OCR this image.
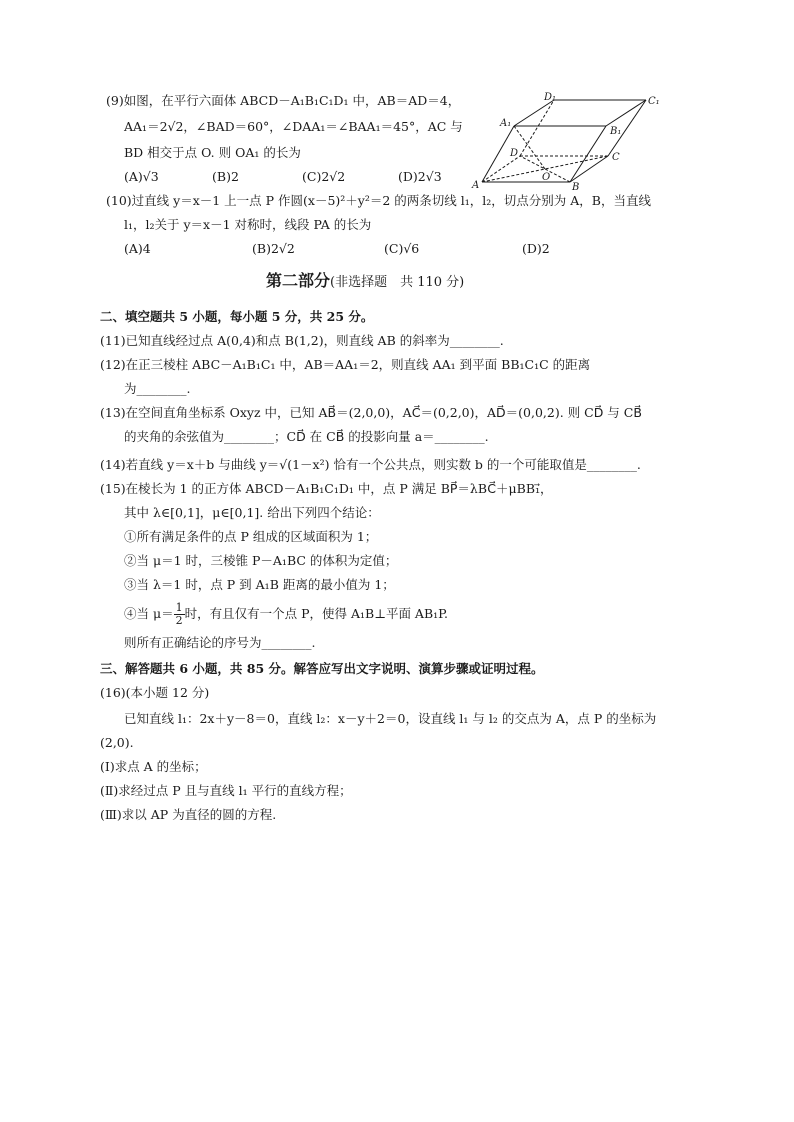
(9)如图，在平行六面体 ABCD－A₁B₁C₁D₁ 中，AB＝AD＝4，
AA₁＝2√2，∠BAD＝60°，∠DAA₁＝∠BAA₁＝45°，AC 与
BD 相交于点 O. 则 OA₁ 的长为
(A)√3	(B)2	(C)2√2	(D)2√3
A	B
C
D
O
A₁
B₁
C₁
D₁
(10)过直线 y＝x－1 上一点 P 作圆(x－5)²＋y²＝2 的两条切线 l₁，l₂，切点分别为 A，B，当直线
l₁，l₂关于 y＝x－1 对称时，线段 PA 的长为
(A)4	(B)2√2	(C)√6	(D)2
第二部分(非选择题　共 110 分)
二、填空题共 5 小题，每小题 5 分，共 25 分。
(11)已知直线经过点 A(0,4)和点 B(1,2)，则直线 AB 的斜率为________.
(12)在正三棱柱 ABC－A₁B₁C₁ 中，AB＝AA₁＝2，则直线 AA₁ 到平面 BB₁C₁C 的距离
为________.
(13)在空间直角坐标系 Oxyz 中，已知 AB⃗＝(2,0,0)，AC⃗＝(0,2,0)，AD⃗＝(0,0,2). 则 CD⃗ 与 CB⃗
的夹角的余弦值为________；CD⃗ 在 CB⃗ 的投影向量 a＝________.
(14)若直线 y＝x＋b 与曲线 y＝√(1－x²) 恰有一个公共点，则实数 b 的一个可能取值是________.
(15)在棱长为 1 的正方体 ABCD－A₁B₁C₁D₁ 中，点 P 满足 BP⃗＝λBC⃗＋μBB₁⃗，
其中 λ∈[0,1]，μ∈[0,1]. 给出下列四个结论：
①所有满足条件的点 P 组成的区域面积为 1；
②当 μ＝1 时，三棱锥 P－A₁BC 的体积为定值；
③当 λ＝1 时，点 P 到 A₁B 距离的最小值为 1；
④当 $\mu= \frac{1}{2}$ 时，有且仅有一个点 P，使得 A₁B⊥平面 AB₁P.
则所有正确结论的序号为________.
三、解答题共 6 小题，共 85 分。解答应写出文字说明、演算步骤或证明过程。
(16)(本小题 12 分)
已知直线 l₁：2x＋y－8＝0，直线 l₂：x－y＋2＝0，设直线 l₁ 与 l₂ 的交点为 A，点 P 的坐标为
(2,0).
(Ⅰ)求点 A 的坐标；
(Ⅱ)求经过点 P 且与直线 l₁ 平行的直线方程；
(Ⅲ)求以 AP 为直径的圆的方程.
